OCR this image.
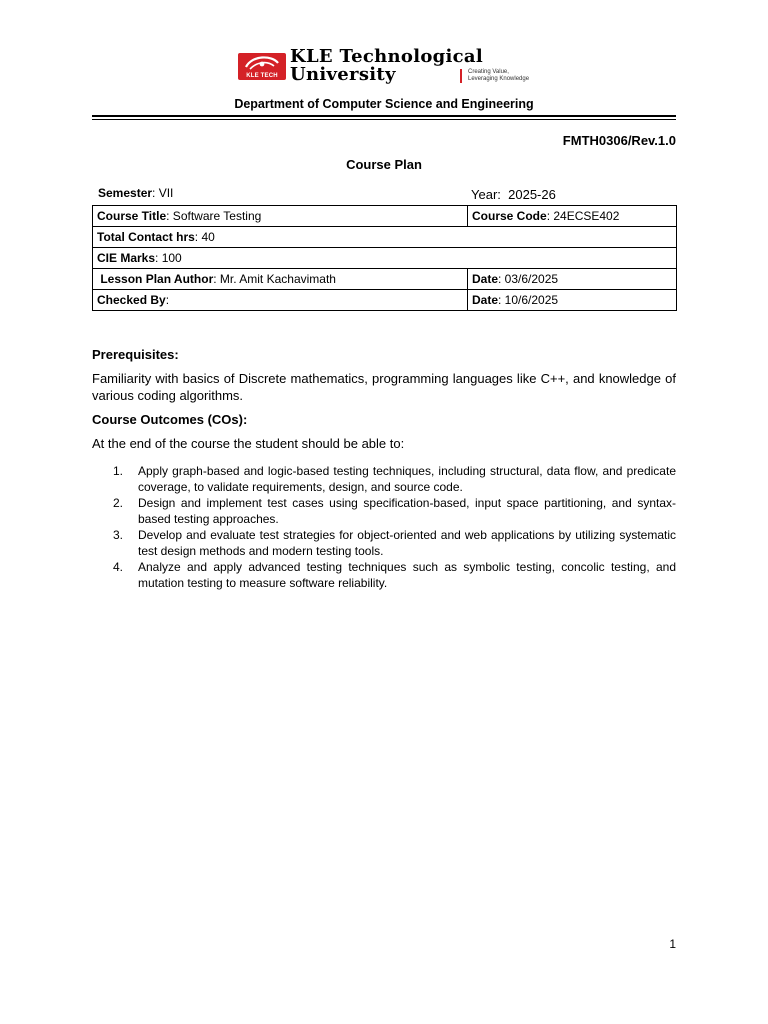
KLE TECH
KLE Technological
University	Creating Value,
Leveraging Knowledge
Department of Computer Science and Engineering
FMTH0306/Rev.1.0
Course Plan
Semester: VII	Year: 2025-26
Course Title: Software Testing	Course Code: 24ECSE402
Total Contact hrs: 40	
CIE Marks: 100	
Lesson Plan Author: Mr. Amit Kachavimath	Date: 03/6/2025
Checked By:	Date: 10/6/2025
Prerequisites:
Familiarity with basics of Discrete mathematics, programming languages like C++, and knowledge of various coding algorithms.
Course Outcomes (COs):
At the end of the course the student should be able to:
1. Apply graph-based and logic-based testing techniques, including structural, data flow, and predicate coverage, to validate requirements, design, and source code.
2. Design and implement test cases using specification-based, input space partitioning, and syntax-based testing approaches.
3. Develop and evaluate test strategies for object-oriented and web applications by utilizing systematic test design methods and modern testing tools.
4. Analyze and apply advanced testing techniques such as symbolic testing, concolic testing, and mutation testing to measure software reliability.
1
